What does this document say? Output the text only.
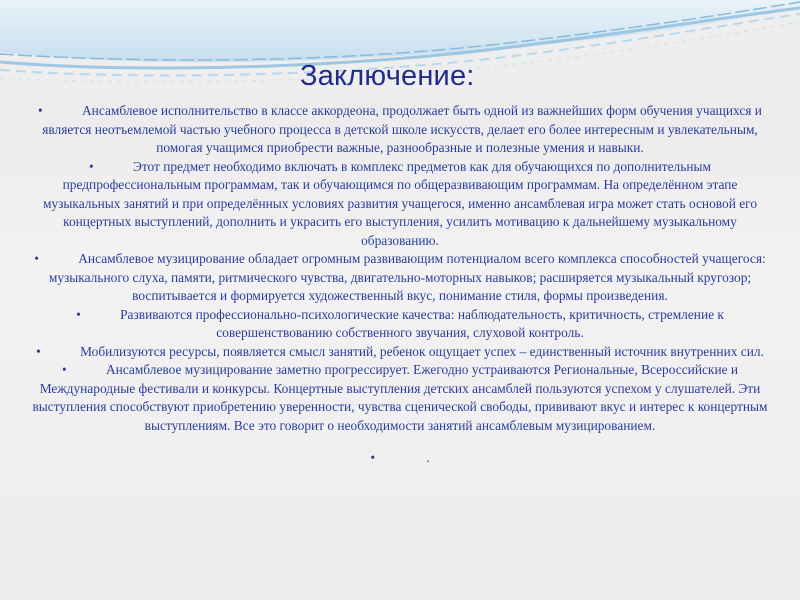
Заключение:

•	Ансамблевое исполнительство в классе аккордеона, продолжает быть одной из важнейших форм обучения учащихся и является неотъемлемой частью учебного процесса в детской школе искусств, делает его более интересным и увлекательным, помогая учащимся приобрести важные, разнообразные и полезные умения и навыки.

•	Этот предмет необходимо включать в комплекс предметов как для обучающихся по дополнительным предпрофессиональным программам, так и обучающимся по общеразвивающим программам. На определённом этапе музыкальных занятий и при определённых условиях развития учащегося, именно ансамблевая игра может стать основой его концертных выступлений, дополнить и украсить его выступления, усилить мотивацию к дальнейшему музыкальному образованию.

•	Ансамблевое музицирование обладает огромным развивающим потенциалом всего комплекса способностей учащегося: музыкального слуха, памяти, ритмического чувства, двигательно-моторных навыков; расширяется музыкальный кругозор; воспитывается и формируется художественный вкус, понимание стиля, формы произведения.

•	Развиваются профессионально-психологические качества: наблюдательность, критичность, стремление к совершенствованию собственного звучания, слуховой контроль.

•	Мобилизуются ресурсы, появляется смысл занятий, ребенок ощущает успех – единственный источник внутренних сил.

•	Ансамблевое музицирование заметно прогрессирует. Ежегодно устраиваются Региональные, Всероссийские и Международные фестивали и конкурсы. Концертные выступления детских ансамблей пользуются успехом у слушателей. Эти выступления способствуют приобретению уверенности, чувства сценической свободы, прививают вкус и интерес к концертным выступлениям. Все это говорит о необходимости занятий ансамблевым музицированием.

•	.
